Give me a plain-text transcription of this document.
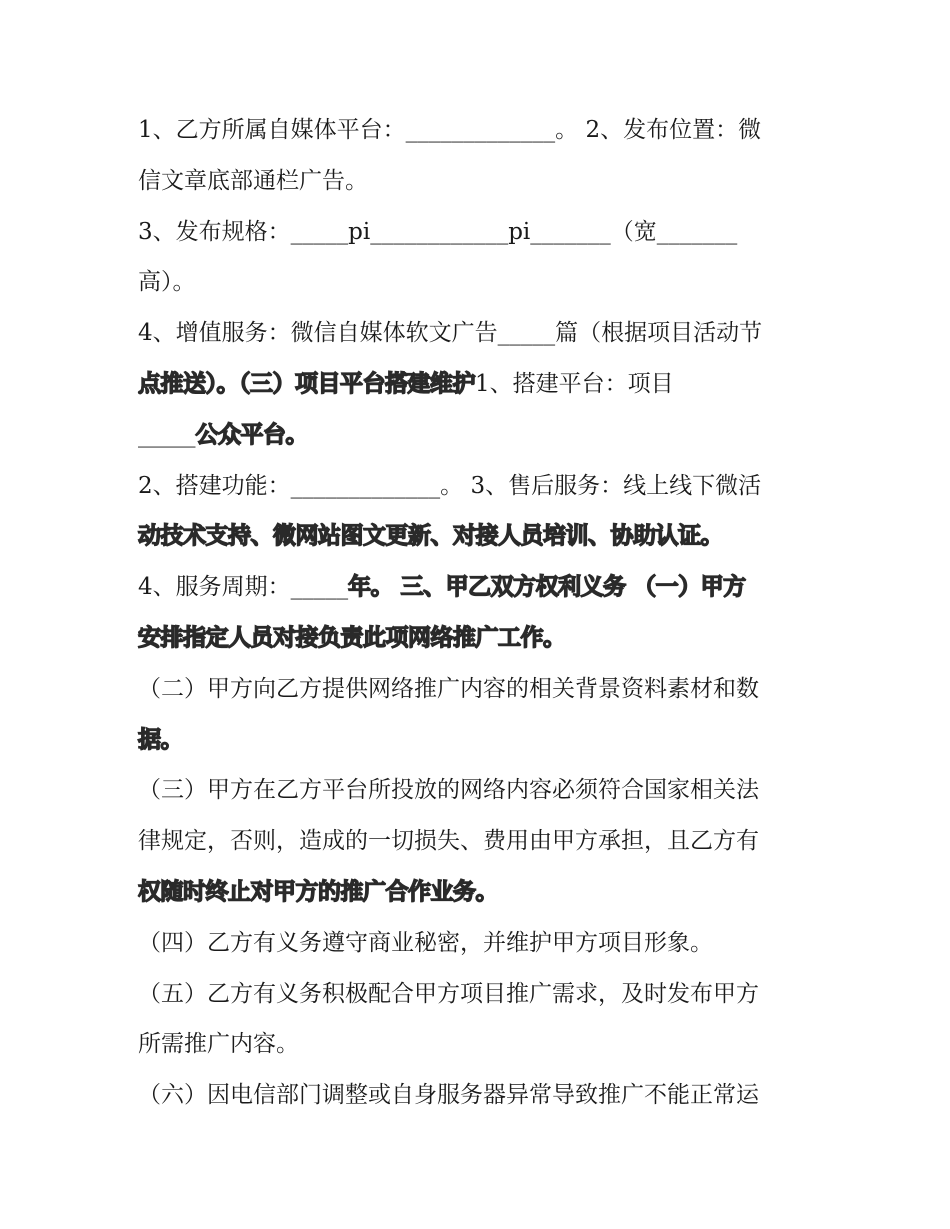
1、乙方所属自媒体平台：_____________。 2、发布位置：微
信文章底部通栏广告。
3、发布规格：_____pi____________pi_______（宽_______
高）。
4、增值服务：微信自媒体软文广告_____篇（根据项目活动节
点推送）。（三）项目平台搭建维护1、搭建平台：项目
_____公众平台。
2、搭建功能：_____________。 3、售后服务：线上线下微活
动技术支持、微网站图文更新、对接人员培训、协助认证。
4、服务周期：_____年。 三、甲乙双方权利义务 （一）甲方
安排指定人员对接负责此项网络推广工作。
（二）甲方向乙方提供网络推广内容的相关背景资料素材和数
据。
（三）甲方在乙方平台所投放的网络内容必须符合国家相关法
律规定，否则，造成的一切损失、费用由甲方承担，且乙方有
权随时终止对甲方的推广合作业务。
（四）乙方有义务遵守商业秘密，并维护甲方项目形象。
（五）乙方有义务积极配合甲方项目推广需求，及时发布甲方
所需推广内容。
（六）因电信部门调整或自身服务器异常导致推广不能正常运
